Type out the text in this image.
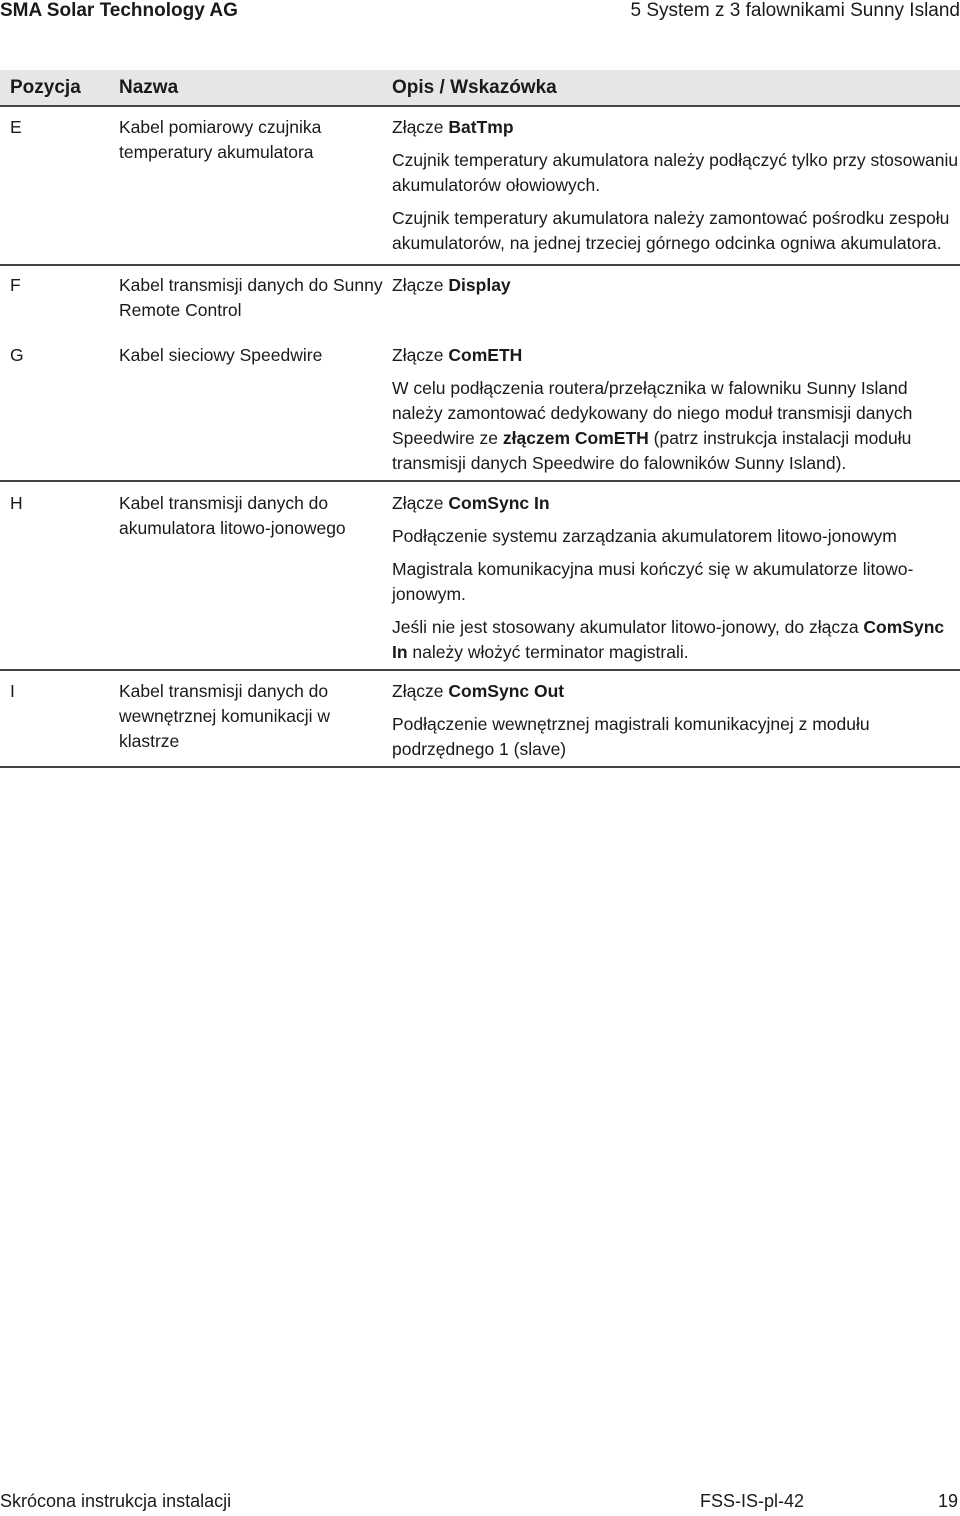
SMA Solar Technology AG	5 System z 3 falownikami Sunny Island
Pozycja	Nazwa	Opis / Wskazówka
E	Kabel pomiarowy czujnika temperatury akumulatora	Złącze BatTmp

Czujnik temperatury akumulatora należy podłączyć tylko przy stosowaniu akumulatorów ołowiowych.

Czujnik temperatury akumulatora należy zamontować pośrodku zespołu akumulatorów, na jednej trzeciej górnego odcinka ogniwa akumulatora.

F	Kabel transmisji danych do Sunny Remote Control	Złącze Display

G	Kabel sieciowy Speedwire	Złącze ComETH

W celu podłączenia routera/przełącznika w falowniku Sunny Island należy zamontować dedykowany do niego moduł transmisji danych Speedwire ze złączem ComETH (patrz instrukcja instalacji modułu transmisji danych Speedwire do falowników Sunny Island).

H	Kabel transmisji danych do akumulatora litowo-jonowego	Złącze ComSync In

Podłączenie systemu zarządzania akumulatorem litowo-jonowym

Magistrala komunikacyjna musi kończyć się w akumulatorze litowo-jonowym.

Jeśli nie jest stosowany akumulator litowo-jonowy, do złącza ComSync In należy włożyć terminator magistrali.

I	Kabel transmisji danych do wewnętrznej komunikacji w klastrze	Złącze ComSync Out

Podłączenie wewnętrznej magistrali komunikacyjnej z modułu podrzędnego 1 (slave)

Skrócona instrukcja instalacji	FSS-IS-pl-42	19
